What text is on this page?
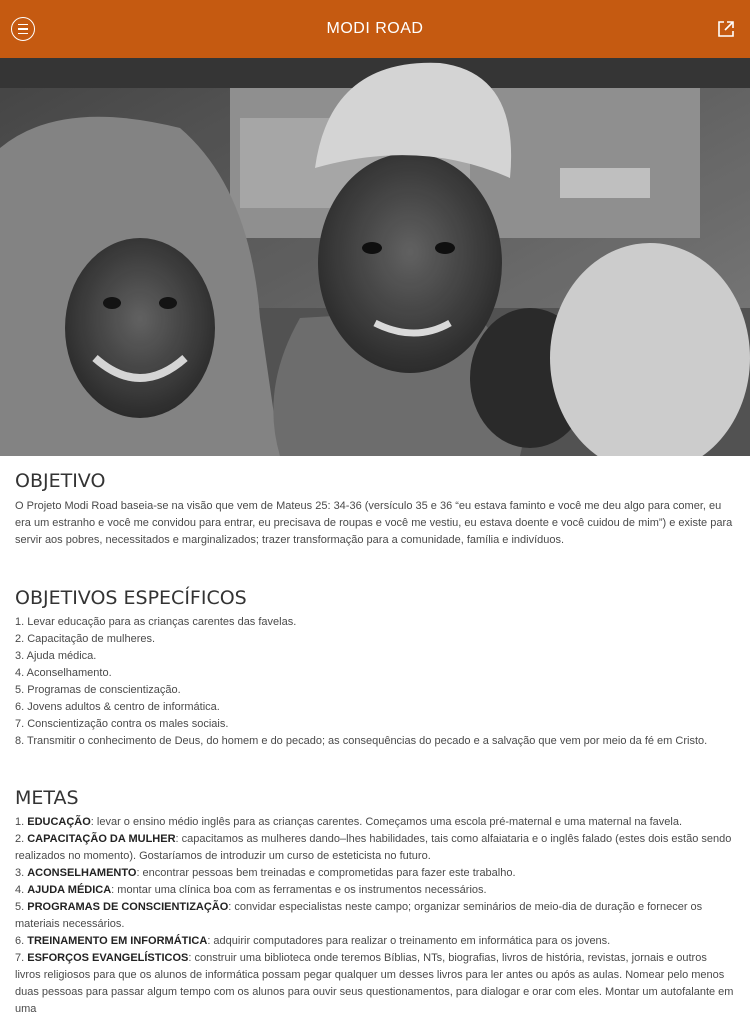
MODI ROAD
OBJETIVO

O Projeto Modi Road baseia-se na visão que vem de Mateus 25: 34-36 (versículo 35 e 36 “eu estava faminto e você me deu algo para comer, eu era um estranho e você me convidou para entrar, eu precisava de roupas e você me vestiu, eu estava doente e você cuidou de mim”) e existe para servir aos pobres, necessitados e marginalizados; trazer transformação para a comunidade, família e indivíduos.

OBJETIVOS ESPECÍFICOS
1. Levar educação para as crianças carentes das favelas.
2. Capacitação de mulheres.
3. Ajuda médica.
4. Aconselhamento.
5. Programas de conscientização.
6. Jovens adultos & centro de informática.
7. Conscientização contra os males sociais.
8. Transmitir o conhecimento de Deus, do homem e do pecado; as consequências do pecado e a salvação que vem por meio da fé em Cristo.
METAS
1. EDUCAÇÃO: levar o ensino médio inglês para as crianças carentes. Começamos uma escola pré-maternal e uma maternal na favela.
2. CAPACITAÇÃO DA MULHER: capacitamos as mulheres dando–lhes habilidades, tais como alfaiataria e o inglês falado (estes dois estão sendo realizados no momento). Gostaríamos de introduzir um curso de esteticista no futuro.
3. ACONSELHAMENTO: encontrar pessoas bem treinadas e comprometidas para fazer este trabalho.
4. AJUDA MÉDICA: montar uma clínica boa com as ferramentas e os instrumentos necessários.
5. PROGRAMAS DE CONSCIENTIZAÇÃO: convidar especialistas neste campo; organizar seminários de meio-dia de duração e fornecer os materiais necessários.
6. TREINAMENTO EM INFORMÁTICA: adquirir computadores para realizar o treinamento em informática para os jovens.
7. ESFORÇOS EVANGELÍSTICOS: construir uma biblioteca onde teremos Bíblias, NTs, biografias, livros de história, revistas, jornais e outros livros religiosos para que os alunos de informática possam pegar qualquer um desses livros para ler antes ou após as aulas. Nomear pelo menos duas pessoas para passar algum tempo com os alunos para ouvir seus questionamentos, para dialogar e orar com eles. Montar um autofalante em uma
